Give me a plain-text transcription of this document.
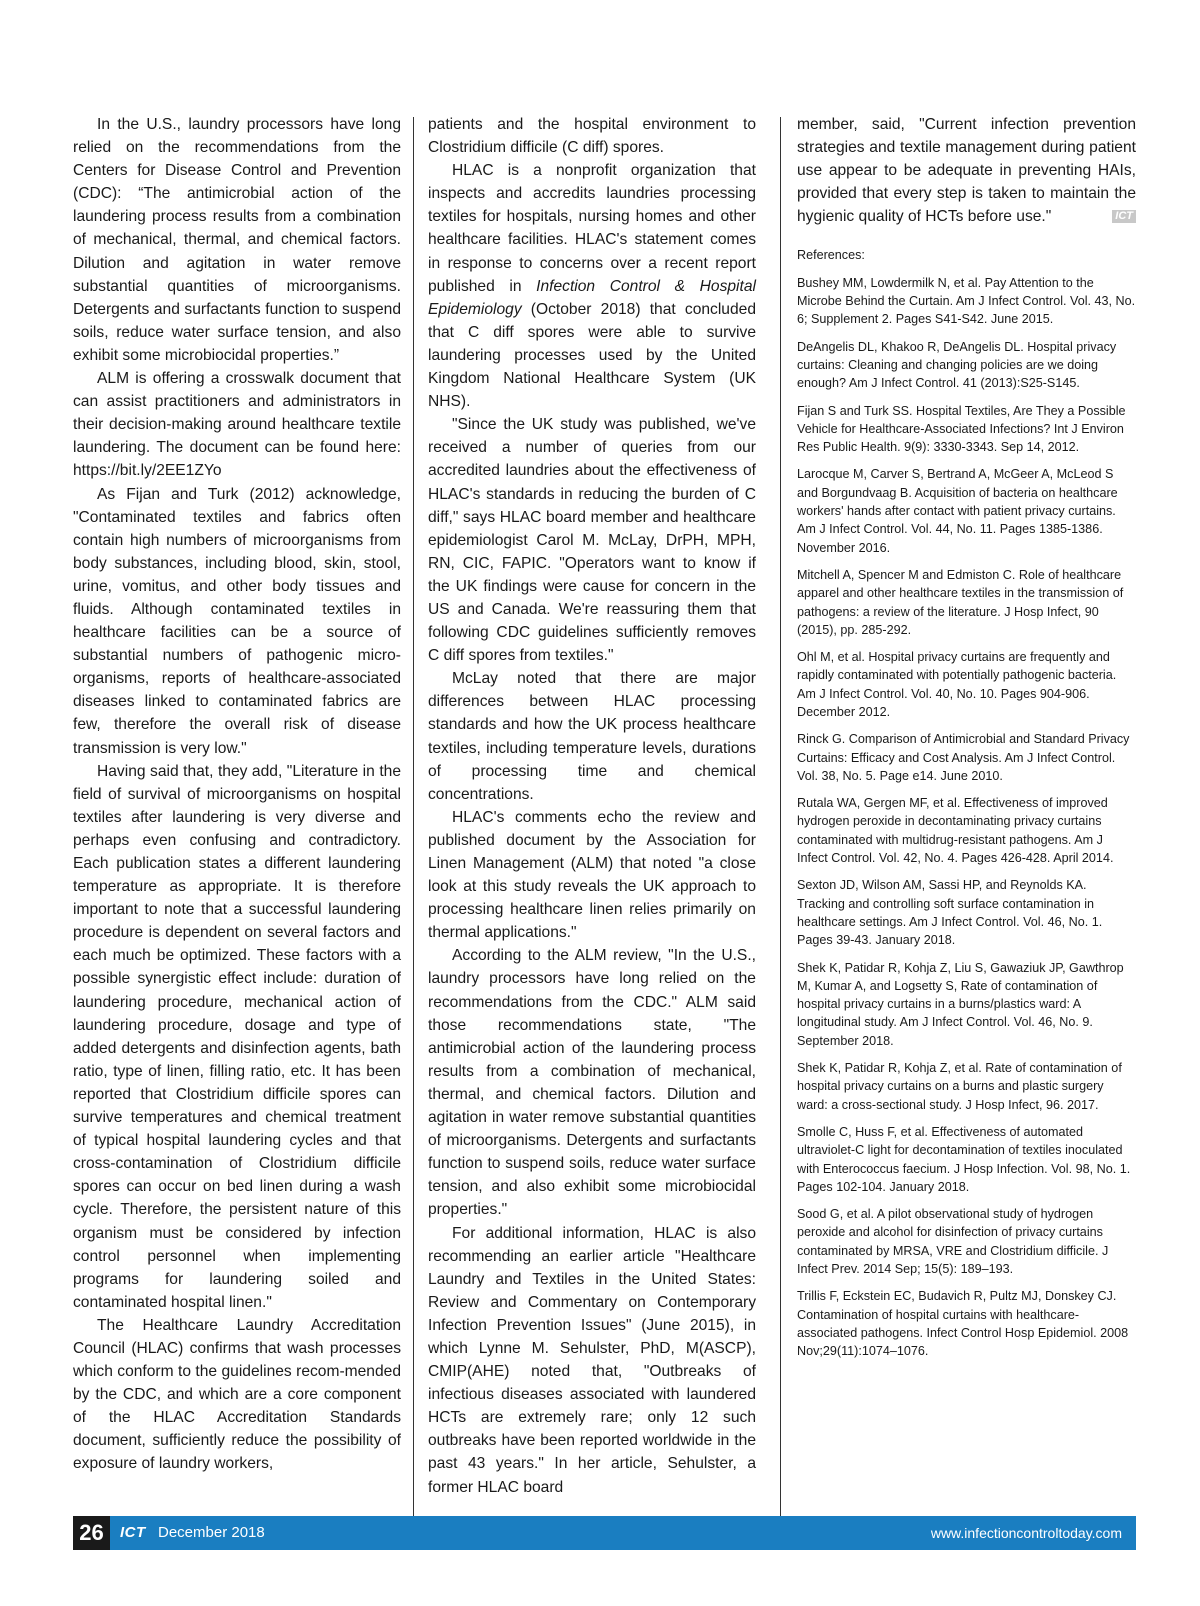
In the U.S., laundry processors have long relied on the recommendations from the Centers for Disease Control and Prevention (CDC): “The antimicrobial action of the laundering process results from a combination of mechanical, thermal, and chemical factors. Dilution and agitation in water remove substantial quantities of microorganisms. Detergents and surfactants function to suspend soils, reduce water surface tension, and also exhibit some microbiocidal properties.”

ALM is offering a crosswalk document that can assist practitioners and administrators in their decision-making around healthcare textile laundering. The document can be found here: https://bit.ly/2EE1ZYo

As Fijan and Turk (2012) acknowledge, "Contaminated textiles and fabrics often contain high numbers of microorganisms from body substances, including blood, skin, stool, urine, vomitus, and other body tissues and fluids. Although contaminated textiles in healthcare facilities can be a source of substantial numbers of pathogenic micro-organisms, reports of healthcare-associated diseases linked to contaminated fabrics are few, therefore the overall risk of disease transmission is very low."

Having said that, they add, "Literature in the field of survival of microorganisms on hospital textiles after laundering is very diverse and perhaps even confusing and contradictory. Each publication states a different laundering temperature as appropriate. It is therefore important to note that a successful laundering procedure is dependent on several factors and each much be optimized. These factors with a possible synergistic effect include: duration of laundering procedure, mechanical action of laundering procedure, dosage and type of added detergents and disinfection agents, bath ratio, type of linen, filling ratio, etc. It has been reported that Clostridium difficile spores can survive temperatures and chemical treatment of typical hospital laundering cycles and that cross-contamination of Clostridium difficile spores can occur on bed linen during a wash cycle. Therefore, the persistent nature of this organism must be considered by infection control personnel when implementing programs for laundering soiled and contaminated hospital linen."

The Healthcare Laundry Accreditation Council (HLAC) confirms that wash processes which conform to the guidelines recom-mended by the CDC, and which are a core component of the HLAC Accreditation Standards document, sufficiently reduce the possibility of exposure of laundry workers,

patients and the hospital environment to Clostridium difficile (C diff) spores.

HLAC is a nonprofit organization that inspects and accredits laundries processing textiles for hospitals, nursing homes and other healthcare facilities. HLAC's statement comes in response to concerns over a recent report published in Infection Control & Hospital Epidemiology (October 2018) that concluded that C diff spores were able to survive laundering processes used by the United Kingdom National Healthcare System (UK NHS).

"Since the UK study was published, we've received a number of queries from our accredited laundries about the effectiveness of HLAC's standards in reducing the burden of C diff," says HLAC board member and healthcare epidemiologist Carol M. McLay, DrPH, MPH, RN, CIC, FAPIC. "Operators want to know if the UK findings were cause for concern in the US and Canada. We're reassuring them that following CDC guidelines sufficiently removes C diff spores from textiles."

McLay noted that there are major differences between HLAC processing standards and how the UK process healthcare textiles, including temperature levels, durations of processing time and chemical concentrations.

HLAC's comments echo the review and published document by the Association for Linen Management (ALM) that noted "a close look at this study reveals the UK approach to processing healthcare linen relies primarily on thermal applications."

According to the ALM review, "In the U.S., laundry processors have long relied on the recommendations from the CDC." ALM said those recommendations state, "The antimicrobial action of the laundering process results from a combination of mechanical, thermal, and chemical factors. Dilution and agitation in water remove substantial quantities of microorganisms. Detergents and surfactants function to suspend soils, reduce water surface tension, and also exhibit some microbiocidal properties."

For additional information, HLAC is also recommending an earlier article "Healthcare Laundry and Textiles in the United States: Review and Commentary on Contemporary Infection Prevention Issues" (June 2015), in which Lynne M. Sehulster, PhD, M(ASCP), CMIP(AHE) noted that, "Outbreaks of infectious diseases associated with laundered HCTs are extremely rare; only 12 such outbreaks have been reported worldwide in the past 43 years." In her article, Sehulster, a former HLAC board

member, said, "Current infection prevention strategies and textile management during patient use appear to be adequate in preventing HAIs, provided that every step is taken to maintain the hygienic quality of HCTs before use."	ICT

References:
Bushey MM, Lowdermilk N, et al. Pay Attention to the Microbe Behind the Curtain. Am J Infect Control. Vol. 43, No. 6; Supplement 2. Pages S41-S42. June 2015.
DeAngelis DL, Khakoo R, DeAngelis DL. Hospital privacy curtains: Cleaning and changing policies are we doing enough? Am J Infect Control. 41 (2013):S25-S145.
Fijan S and Turk SS. Hospital Textiles, Are They a Possible Vehicle for Healthcare-Associated Infections? Int J Environ Res Public Health. 9(9): 3330-3343. Sep 14, 2012.
Larocque M, Carver S, Bertrand A, McGeer A, McLeod S and Borgundvaag B. Acquisition of bacteria on healthcare workers' hands after contact with patient privacy curtains. Am J Infect Control. Vol. 44, No. 11. Pages 1385-1386. November 2016.
Mitchell A, Spencer M and Edmiston C. Role of healthcare apparel and other healthcare textiles in the transmission of pathogens: a review of the literature. J Hosp Infect, 90 (2015), pp. 285-292.
Ohl M, et al. Hospital privacy curtains are frequently and rapidly contaminated with potentially pathogenic bacteria. Am J Infect Control. Vol. 40, No. 10. Pages 904-906. December 2012.
Rinck G. Comparison of Antimicrobial and Standard Privacy Curtains: Efficacy and Cost Analysis. Am J Infect Control. Vol. 38, No. 5. Page e14. June 2010.
Rutala WA, Gergen MF, et al. Effectiveness of improved hydrogen peroxide in decontaminating privacy curtains contaminated with multidrug-resistant pathogens. Am J Infect Control. Vol. 42, No. 4. Pages 426-428. April 2014.
Sexton JD, Wilson AM, Sassi HP, and Reynolds KA. Tracking and controlling soft surface contamination in healthcare settings. Am J Infect Control. Vol. 46, No. 1. Pages 39-43. January 2018.
Shek K, Patidar R, Kohja Z, Liu S, Gawaziuk JP, Gawthrop M, Kumar A, and Logsetty S, Rate of contamination of hospital privacy curtains in a burns/plastics ward: A longitudinal study. Am J Infect Control. Vol. 46, No. 9. September 2018.
Shek K, Patidar R, Kohja Z, et al. Rate of contamination of hospital privacy curtains on a burns and plastic surgery ward: a cross-sectional study. J Hosp Infect, 96. 2017.
Smolle C, Huss F, et al. Effectiveness of automated ultraviolet-C light for decontamination of textiles inoculated with Enterococcus faecium. J Hosp Infection. Vol. 98, No. 1. Pages 102-104. January 2018.
Sood G, et al. A pilot observational study of hydrogen peroxide and alcohol for disinfection of privacy curtains contaminated by MRSA, VRE and Clostridium difficile. J Infect Prev. 2014 Sep; 15(5): 189–193.
Trillis F, Eckstein EC, Budavich R, Pultz MJ, Donskey CJ. Contamination of hospital curtains with healthcare-associated pathogens. Infect Control Hosp Epidemiol. 2008 Nov;29(11):1074–1076.
26	ICT December 2018	www.infectioncontroltoday.com
